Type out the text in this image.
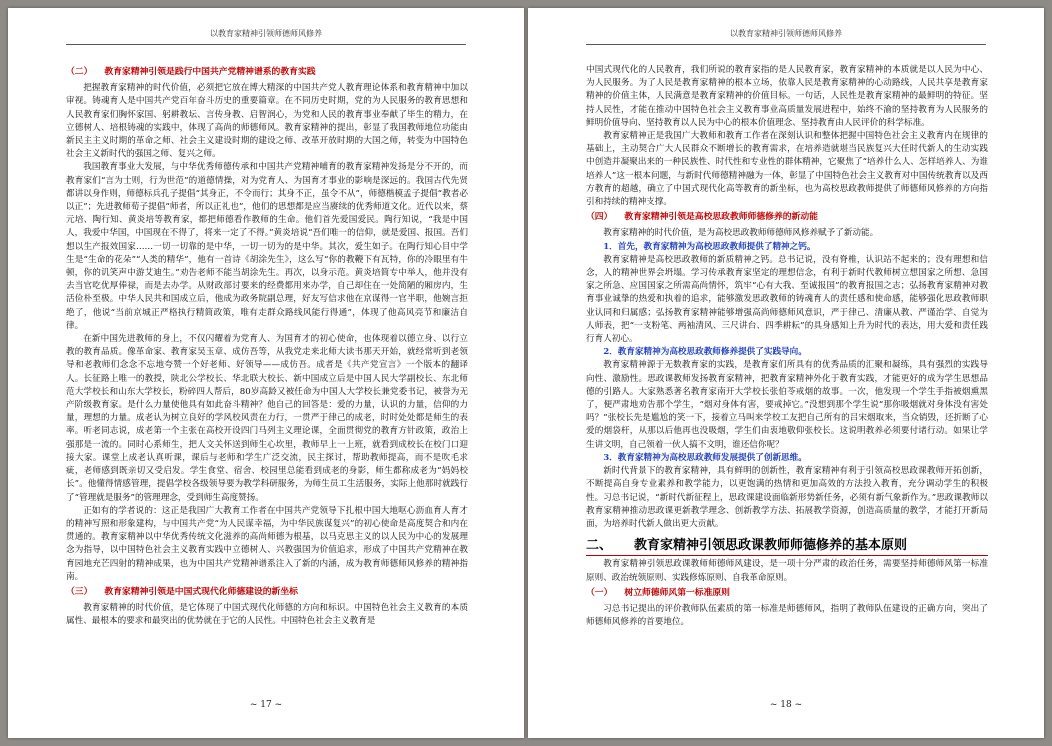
以教育家精神引领师德师风修养
（二） 教育家精神引领是践行中国共产党精神谱系的教育实践

把握教育家精神的时代价值，必须把它放在博大精深的中国共产党人教育理论体系和教育精神中加以审视。铸魂育人是中国共产党百年奋斗历史的重要篇章。在不同历史时期，党的为人民服务的教育思想和人民教育家们胸怀家国、躬耕教坛、言传身教、启智润心，为党和人民的教育事业奉献了毕生的精力，在立德树人、培根铸魂的实践中，体现了高尚的师德师风。教育家精神的提出，彰显了我国教师地位功能由新民主主义时期的革命之师、社会主义建设时期的建设之师、改革开放时期的大国之师，转变为中国特色社会主义新时代的强国之师、复兴之师。

我国教育事业大发展，与中华优秀师德传承和中国共产党精神哺育的教育家精神发扬是分不开的，而教育家们“言为士则，行为世范”的道德情操，对为党育人、为国育才事业的影响是深远的。我国古代先贤都讲以身作则，师德标兵孔子提倡“其身正，不令而行；其身不正，虽令不从”，师德楷模孟子提倡“教者必以正”；先进教师荀子提倡“师者，所以正礼也”，他们的思想都是应当赓续的优秀师道文化。近代以来，蔡元培、陶行知、黄炎培等教育家，都把师德看作教师的生命。他们首先爱国爱民。陶行知说，“我是中国人，我爱中华国，中国现在不得了，将来一定了不得。”黄炎培说“吾们唯一的信仰，就是爱国、报国。吾们想以生产报效国家……一切一切靠的是中华，一切一切为的是中华。其次，爱生如子。在陶行知心目中学生是“生命的花朵”“人类的精华”，他有一首诗《胡涂先生》，这么写“你的教鞭下有瓦特，你的冷眼里有牛顿，你的讥笑声中游艾迪生。”劝告老师不能当胡涂先生。再次，以身示范。黄炎培简专中举人，他并没有去当官吃优厚俸禄，而是去办学。从财政部讨要来的经费都用来办学，自己却住在一处简陋的厢房内，生活俭朴至极。中华人民共和国成立后，他成为政务院副总理，好友写信求他在京谋得一官半职，他婉言拒绝了，他说“当前京城正严格执行精简政策，唯有走群众路线风能行得通”，体现了他高风亮节和廉洁自律。

在新中国先进教师的身上，不仅闪耀着为党育人、为国育才的初心使命，也体现着以德立身、以行立教的教育品质。像革命家、教育家吴玉章、成仿吾等，从我党走来北师大读书那天开始，就经常听到老领导和老教师们念念不忘地夸赞一个好老师、好领导——成仿吾。成者是《共产党宣言》一个版本的翻译人。长征路上唯一的教授，陕北公学校长、华北联大校长、新中国成立后是中国人民大学副校长、东北师范大学校长和山东大学校长，粉碎四人帮后，80岁高龄又被任命为中国人大学校长兼党委书记，被誉为无产阶级教育家。是什么力量使他具有如此奋斗精神？他自己的回答是：爱的力量，认识的力量，信仰的力量，理想的力量。成老认为树立良好的学风校风责在力行，一贯严于律己的成老，时时处处都是师生的表率。听老同志说，成老第一个主张在高校开设四门马列主义理论课，全面贯彻党的教育方针政策，政治上强那是一流的。同时心系师生，把人文关怀送到师生心坎里，教师早上一上班，就看到成校长在校门口迎接大家。课堂上成老认真听课，课后与老师和学生广泛交流，民主探讨，帮助教师提高，而不是吹毛求疵，老师感到既亲切又受启发。学生食堂、宿舍、校园里总能看到成老的身影，师生都称成老为“妈妈校长”。他懂得情感管理，提倡学校各级领导要为教学科研服务，为师生员工生活服务，实际上他那时就践行了“管理就是服务”的管理理念，受到师生高度赞扬。

正如有的学者说的：这正是我国广大教育工作者在中国共产党领导下扎根中国大地呕心沥血育人育才的精神写照和形象建构，与中国共产党“为人民谋幸福，为中华民族谋复兴”的初心使命是高度契合和内在贯通的。教育家精神以中华优秀传统文化滋养的高尚师德为根基，以马克思主义的以人民为中心的发展理念为指导，以中国特色社会主义教育实践中立德树人、兴教强国为价值追求，形成了中国共产党精神在教育园地充芒四射的精神成果，也为中国共产党精神谱系注入了新的内涵，成为教育师德师风修养的精神指南。

（三） 教育家精神引领是中国式现代化师德建设的新坐标

教育家精神的时代价值，是它体现了中国式现代化师德的方向和标识。中国特色社会主义教育的本质属性、最根本的要求和最突出的优势就在于它的人民性。中国特色社会主义教育是

~ 17 ~
以教育家精神引领师德师风修养

中国式现代化的人民教育，我们所说的教育家指的是人民教育家，教育家精神的本质就是以人民为中心、为人民服务。为了人民是教育家精神的根本立场，依靠人民是教育家精神的心动路线，人民共享是教育家精神的价值主体，人民满意是教育家精神的价值目标。一句话，人民性是教育家精神的最鲜明的特征。坚持人民性，才能在推动中国特色社会主义教育事业高质量发展进程中，始终不渝的坚持教育为人民服务的鲜明价值导向、坚持教育以人民为中心的根本价值理念、坚持教育由人民评价的科学标准。

教育家精神正是我国广大教师和教育工作者在深刻认识和整体把握中国特色社会主义教育内在规律的基础上，主动契合广大人民群众不断增长的教育需求，在培养造就堪当民族复兴大任时代新人的生动实践中创造并凝聚出来的一种民族性、时代性和专业性的群体精神，它聚焦了“培养什么人、怎样培养人、为谁培养人”这一根本问题，与新时代师德精神融为一体，彰显了中国特色社会主义教育对中国传统教育以及西方教育的超越，确立了中国式现代化高等教育的新坐标，也为高校思政教师提供了师德师风修养的方向指引和持续的精神支撑。

（四） 教育家精神引领是高校思政教师师德修养的新动能

教育家精神的时代价值，是为高校思政教师师德师风修养赋予了新动能。

1．首先，教育家精神为高校思政教师提供了精神之钙。

教育家精神是高校思政教师的新质精神之钙。总书记说，没有脊椎，认识站不起来的；没有理想和信念，人的精神世界会坍塌。学习传承教育家坚定的理想信念，有利于新时代教师树立想国家之所想、急国家之所急、应国国家之所需高尚情怀，筑牢“心有大我、至诚报国”的教育报国之志；弘扬教育家精神对教育事业诚挚的热爱和执着的追求，能够激发思政教师的铸魂育人的责任感和使命感，能够强化思政教师职业认同和归属感；弘扬教育家精神能够增强高尚师德师风意识，严于律己、清廉从教、严谨治学、自觉为人师表，把“一支粉笔、两袖清风、三尺讲台、四季耕耘”的具身感知上升为时代的表达，用大爱和责任践行育人初心。

2．教育家精神为高校思政教师修养提供了实践导向。

教育家精神源于无数教育家的实践，是教育家们所具有的优秀品质的汇聚和凝练，具有强烈的实践导向性、激励性。思政课教师发扬教育家精神，把教育家精神外化于教育实践，才能更好的成为学生思想品德的引路人。大家熟悉著名教育家南开大学校长张伯苓戒烟的故事。一次，他发现一个学生手指被烟熏黑了，便严肃地劝告那个学生，“烟对身体有害，要戒掉它。”没想到那个学生说“那你吸烟就对身体没有害处吗？”张校长先是尴尬的笑一下，接着立马叫来学校工友把自己所有的吕宋烟取来，当众销毁，还折断了心爱的烟袋杆，从那以后他再也没吸烟，学生们由衷地敬仰张校长。这说明教养必须要付诸行动。如果让学生讲文明，自己领着一伙人搞不文明，谁还信你呢？

3．教育家精神为高校思政教师发展提供了创新思维。

新时代背景下的教育家精神，具有鲜明的创新性，教育家精神有利于引领高校思政课教师开拓创新，不断提高自身专业素养和教学能力，以更饱满的热情和更加高效的方法投入教育，充分调动学生的积极性。习总书记说，“新时代新征程上，思政课建设面临新形势新任务，必须有新气象新作为。”思政课教师以教育家精神推动思政课更新教学理念、创新教学方法、拓展教学资源，创造高质量的教学，才能打开新局面，为培养时代新人做出更大贡献。

二、 教育家精神引领思政课教师师德修养的基本原则

教育家精神引领思政课教师师德师风建设，是一项十分严肃的政治任务，需要坚持师德师风第一标准原则、政治统领原则、实践修炼原则、自我革命原则。

（一） 树立师德师风第一标准原则

习总书记提出的评价教师队伍素质的第一标准是师德师风，指明了教师队伍建设的正确方向，突出了师德师风修养的首要地位。

~ 18 ~
